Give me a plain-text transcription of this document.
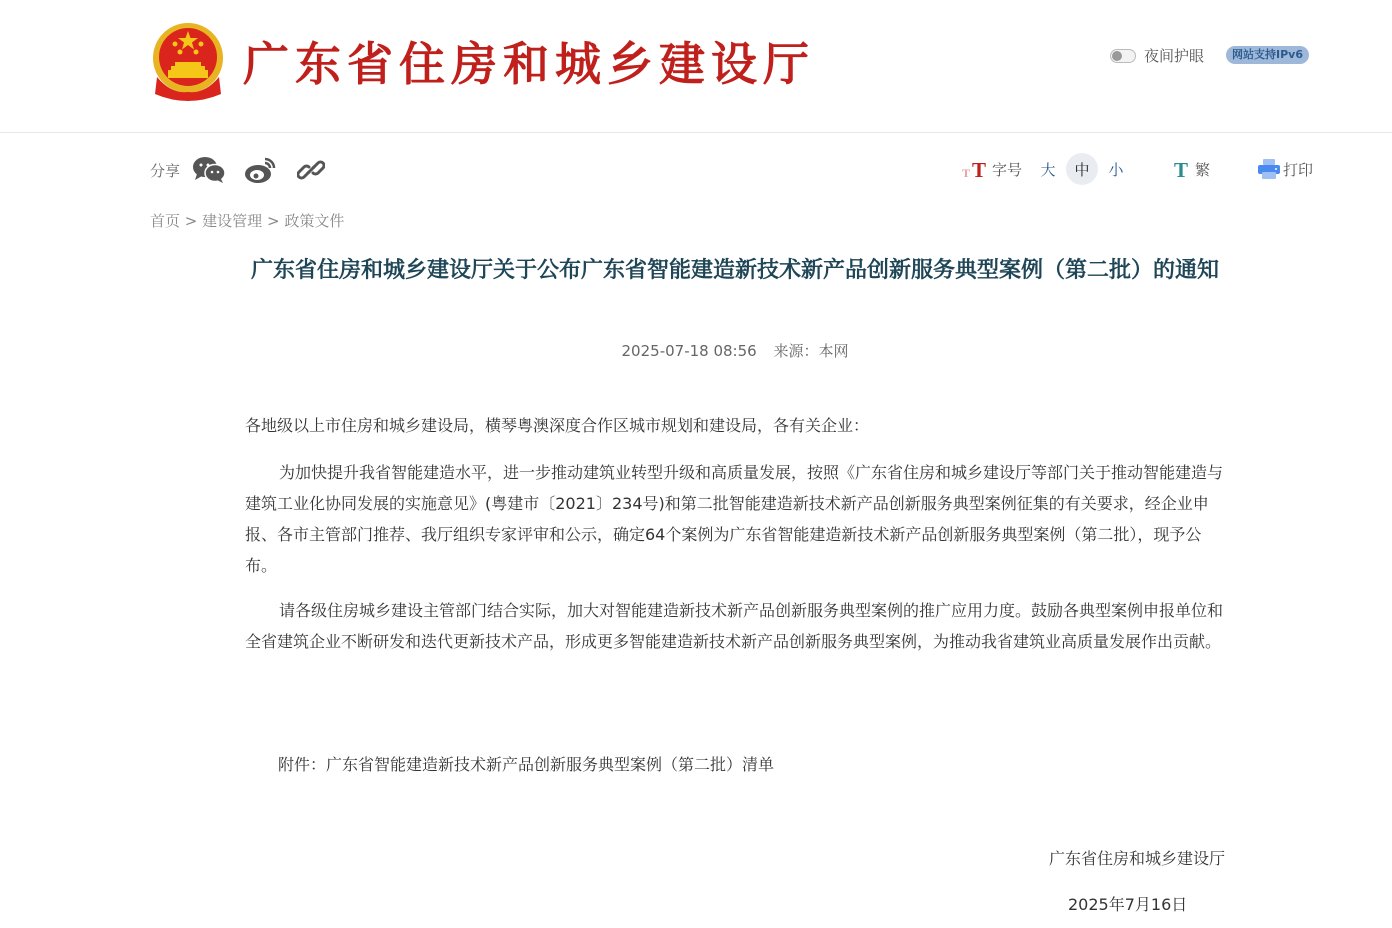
广东省住房和城乡建设厅	夜间护眼	网站支持IPv6
分享	T T 字号	大	中	小	T 繁	打印
首页 > 建设管理 > 政策文件
广东省住房和城乡建设厅关于公布广东省智能建造新技术新产品创新服务典型案例（第二批）的通知
2025-07-18 08:56 来源：本网

各地级以上市住房和城乡建设局，横琴粤澳深度合作区城市规划和建设局，各有关企业：

为加快提升我省智能建造水平，进一步推动建筑业转型升级和高质量发展，按照《广东省住房和城乡建设厅等部门关于推动智能建造与建筑工业化协同发展的实施意见》(粤建市〔2021〕234号)和第二批智能建造新技术新产品创新服务典型案例征集的有关要求，经企业申报、各市主管部门推荐、我厅组织专家评审和公示，确定64个案例为广东省智能建造新技术新产品创新服务典型案例（第二批），现予公布。

请各级住房城乡建设主管部门结合实际，加大对智能建造新技术新产品创新服务典型案例的推广应用力度。鼓励各典型案例申报单位和全省建筑企业不断研发和迭代更新技术产品，形成更多智能建造新技术新产品创新服务典型案例，为推动我省建筑业高质量发展作出贡献。

附件：广东省智能建造新技术新产品创新服务典型案例（第二批）清单
广东省住房和城乡建设厅
2025年7月16日
